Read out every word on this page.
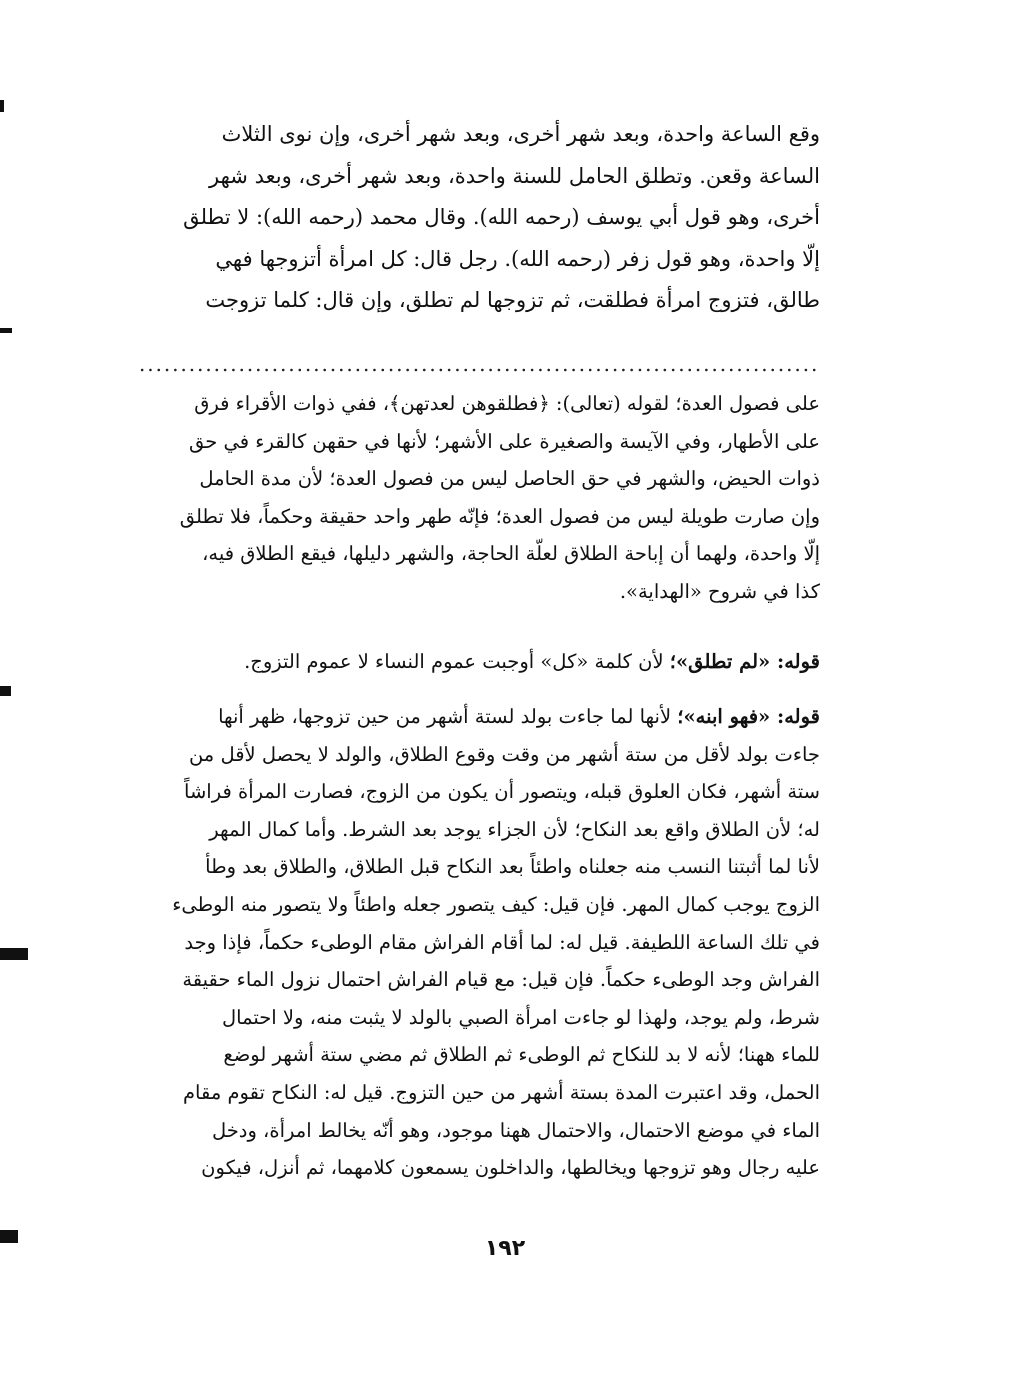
وقع الساعة واحدة، وبعد شهر أخرى، وبعد شهر أخرى، وإن نوى الثلاث
الساعة وقعن. وتطلق الحامل للسنة واحدة، وبعد شهر أخرى، وبعد شهر
أخرى، وهو قول أبي يوسف (رحمه الله). وقال محمد (رحمه الله): لا تطلق
إلّا واحدة، وهو قول زفر (رحمه الله). رجل قال: كل امرأة أتزوجها فهي
طالق، فتزوج امرأة فطلقت، ثم تزوجها لم تطلق، وإن قال: كلما تزوجت
على فصول العدة؛ لقوله (تعالى): ﴿فطلقوهن لعدتهن﴾، ففي ذوات الأقراء فرق
على الأطهار، وفي الآيسة والصغيرة على الأشهر؛ لأنها في حقهن كالقرء في حق
ذوات الحيض، والشهر في حق الحاصل ليس من فصول العدة؛ لأن مدة الحامل
وإن صارت طويلة ليس من فصول العدة؛ فإنّه طهر واحد حقيقة وحكماً، فلا تطلق
إلّا واحدة، ولهما أن إباحة الطلاق لعلّة الحاجة، والشهر دليلها، فيقع الطلاق فيه،
كذا في شروح «الهداية».
قوله: «لم تطلق»؛ لأن كلمة «كل» أوجبت عموم النساء لا عموم التزوج.
قوله: «فهو ابنه»؛ لأنها لما جاءت بولد لستة أشهر من حين تزوجها، ظهر أنها
جاءت بولد لأقل من ستة أشهر من وقت وقوع الطلاق، والولد لا يحصل لأقل من
ستة أشهر، فكان العلوق قبله، ويتصور أن يكون من الزوج، فصارت المرأة فراشاً
له؛ لأن الطلاق واقع بعد النكاح؛ لأن الجزاء يوجد بعد الشرط. وأما كمال المهر
لأنا لما أثبتنا النسب منه جعلناه واطئاً بعد النكاح قبل الطلاق، والطلاق بعد وطأ
الزوج يوجب كمال المهر. فإن قيل: كيف يتصور جعله واطئاً ولا يتصور منه الوطىء
في تلك الساعة اللطيفة. قيل له: لما أقام الفراش مقام الوطىء حكماً، فإذا وجد
الفراش وجد الوطىء حكماً. فإن قيل: مع قيام الفراش احتمال نزول الماء حقيقة
شرط، ولم يوجد، ولهذا لو جاءت امرأة الصبي بالولد لا يثبت منه، ولا احتمال
للماء ههنا؛ لأنه لا بد للنكاح ثم الوطىء ثم الطلاق ثم مضي ستة أشهر لوضع
الحمل، وقد اعتبرت المدة بستة أشهر من حين التزوج. قيل له: النكاح تقوم مقام
الماء في موضع الاحتمال، والاحتمال ههنا موجود، وهو أنّه يخالط امرأة، ودخل
عليه رجال وهو تزوجها ويخالطها، والداخلون يسمعون كلامهما، ثم أنزل، فيكون
١٩٢
